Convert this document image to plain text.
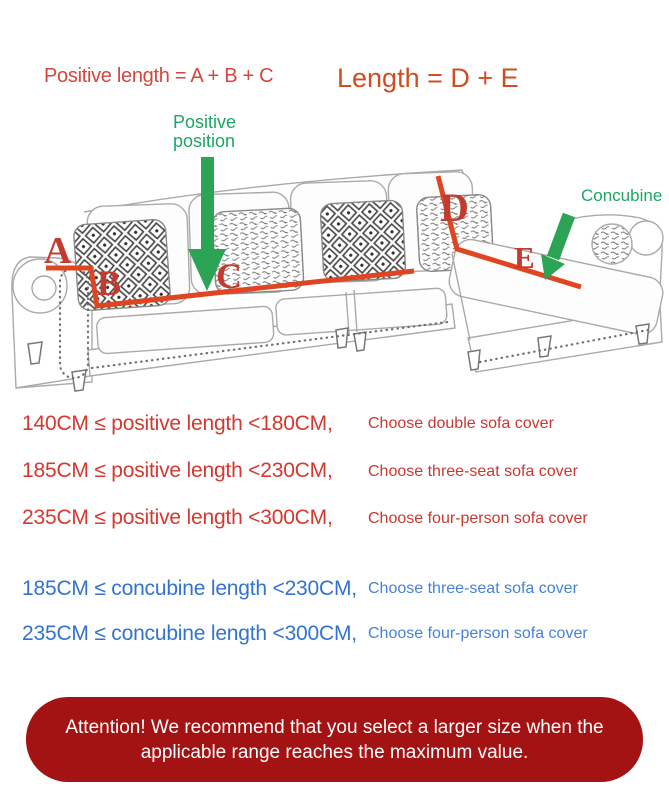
Positive length = A + B + C Length = D + E
Positive
position
Concubine
A
B	C
D
E
140CM ≤ positive length <180CM, Choose double sofa cover
185CM ≤ positive length <230CM, Choose three-seat sofa cover
235CM ≤ positive length <300CM, Choose four-person sofa cover
185CM ≤ concubine length <230CM, Choose three-seat sofa cover
235CM ≤ concubine length <300CM, Choose four-person sofa cover
Attention! We recommend that you select a larger size when the
applicable range reaches the maximum value.
